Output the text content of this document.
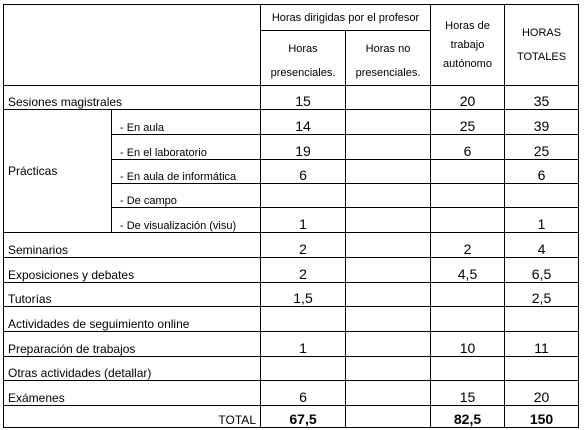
		Horas dirigidas por el profesor		Horas de trabajo autónomo	HORAS TOTALES

		Horas presenciales.	Horas no presenciales.		

Sesiones magistrales		15		20	35
Prácticas	- En aula	14		25	39
	- En el laboratorio	19		6	25
	- En aula de informática	6			6
	- De campo				
	- De visualización (visu)	1			1
Seminarios		2		2	4
Exposiciones y debates		2		4,5	6,5
Tutorías		1,5			2,5
Actividades de seguimiento online					
Preparación de trabajos		1		10	11
Otras actividades (detallar)					
Exámenes		6		15	20
TOTAL		67,5		82,5	150
